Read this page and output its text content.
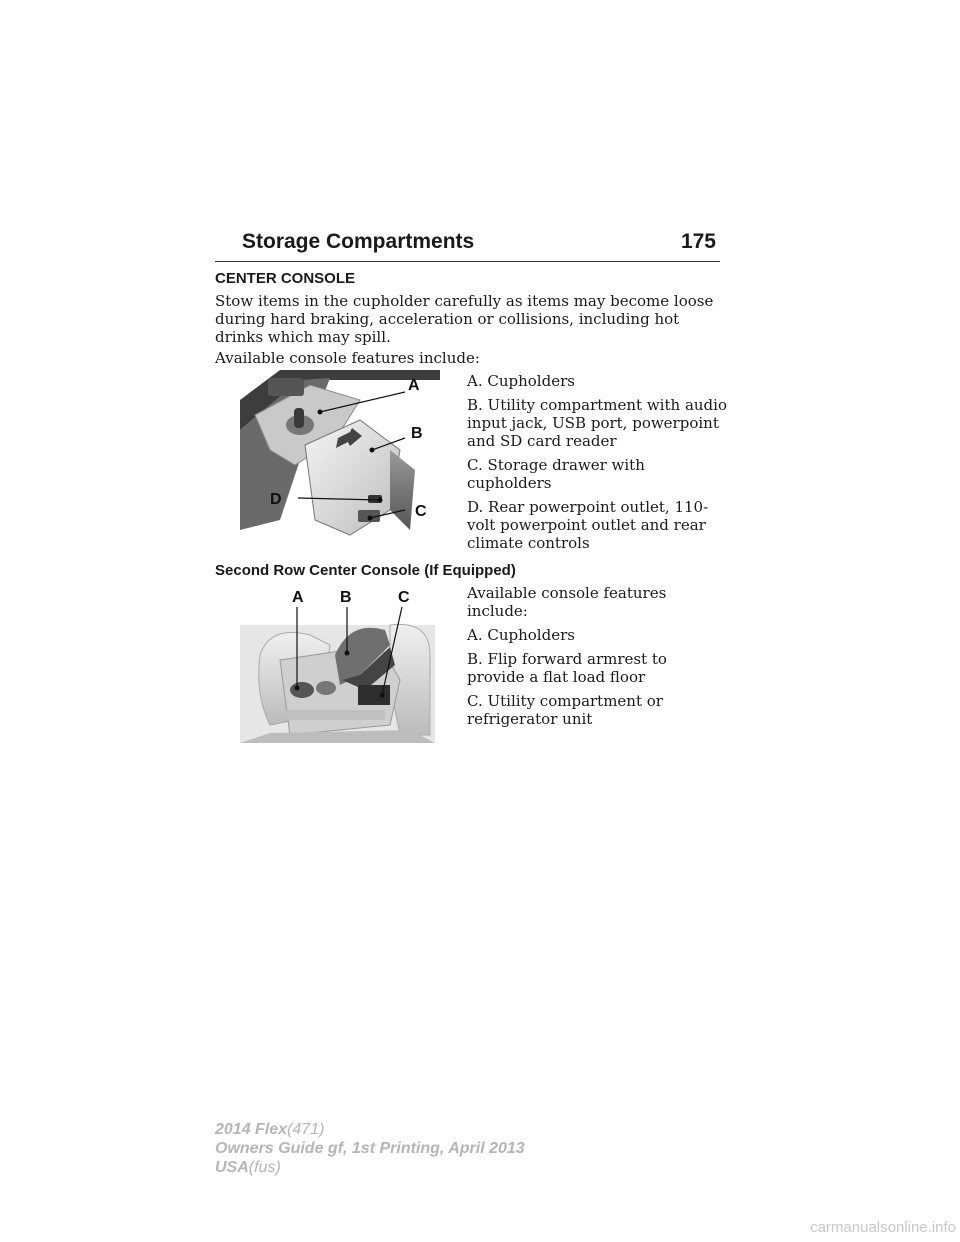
Storage Compartments	175
CENTER CONSOLE
Stow items in the cupholder carefully as items may become loose during hard braking, acceleration or collisions, including hot drinks which may spill.
Available console features include:
A
B
C
D

A. Cupholders

B. Utility compartment with audio input jack, USB port, powerpoint and SD card reader

C. Storage drawer with cupholders

D. Rear powerpoint outlet, 110-volt powerpoint outlet and rear climate controls

Second Row Center Console (If Equipped)
A B	C	Available console features include:

A. Cupholders

B. Flip forward armrest to provide a flat load floor

C. Utility compartment or refrigerator unit

2014 Flex(471)
Owners Guide gf, 1st Printing, April 2013
USA(fus)
carmanualsonline.info
